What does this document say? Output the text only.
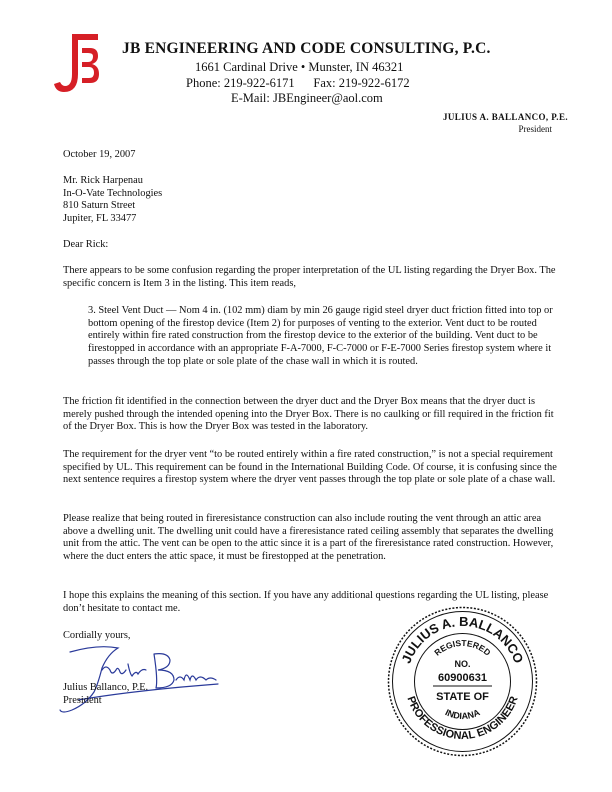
JB ENGINEERING AND CODE CONSULTING, P.C.
1661 Cardinal Drive • Munster, IN 46321
Phone: 219-922-6171      Fax: 219-922-6172
E-Mail: JBEngineer@aol.com
JULIUS A. BALLANCO, P.E.
President

October 19, 2007

Mr. Rick Harpenau

In-O-Vate Technologies

810 Saturn Street

Jupiter, FL 33477

Dear Rick:

There appears to be some confusion regarding the proper interpretation of the UL listing regarding the Dryer Box. The specific concern is Item 3 in the listing. This item reads,

3. Steel Vent Duct — Nom 4 in. (102 mm) diam by min 26 gauge rigid steel dryer duct friction fitted into top or bottom opening of the firestop device (Item 2) for purposes of venting to the exterior. Vent duct to be routed entirely within fire rated construction from the firestop device to the exterior of the building. Vent duct to be firestopped in accordance with an appropriate F-A-7000, F-C-7000 or F-E-7000 Series firestop system where it passes through the top plate or sole plate of the chase wall in which it is routed.

The friction fit identified in the connection between the dryer duct and the Dryer Box means that the dryer duct is merely pushed through the intended opening into the Dryer Box. There is no caulking or fill required in the friction fit of the Dryer Box. This is how the Dryer Box was tested in the laboratory.

The requirement for the dryer vent “to be routed entirely within a fire rated construction,” is not a special requirement specified by UL. This requirement can be found in the International Building Code. Of course, it is confusing since the next sentence requires a firestop system where the dryer vent passes through the top plate or sole plate of a chase wall.

Please realize that being routed in fireresistance construction can also include routing the vent through an attic area above a dwelling unit. The dwelling unit could have a fireresistance rated ceiling assembly that separates the dwelling unit from the attic. The vent can be open to the attic since it is a part of the fireresistance rated construction. However, where the duct enters the attic space, it must be firestopped at the penetration.

I hope this explains the meaning of this section. If you have any additional questions regarding the UL listing, please don’t hesitate to contact me.

Cordially yours,

Julius Ballanco, P.E.

President

JULIUS A. BALLANCO
REGISTERED
PROFESSIONAL ENGINEER
INDIANA
NO.
60900631
STATE OF
